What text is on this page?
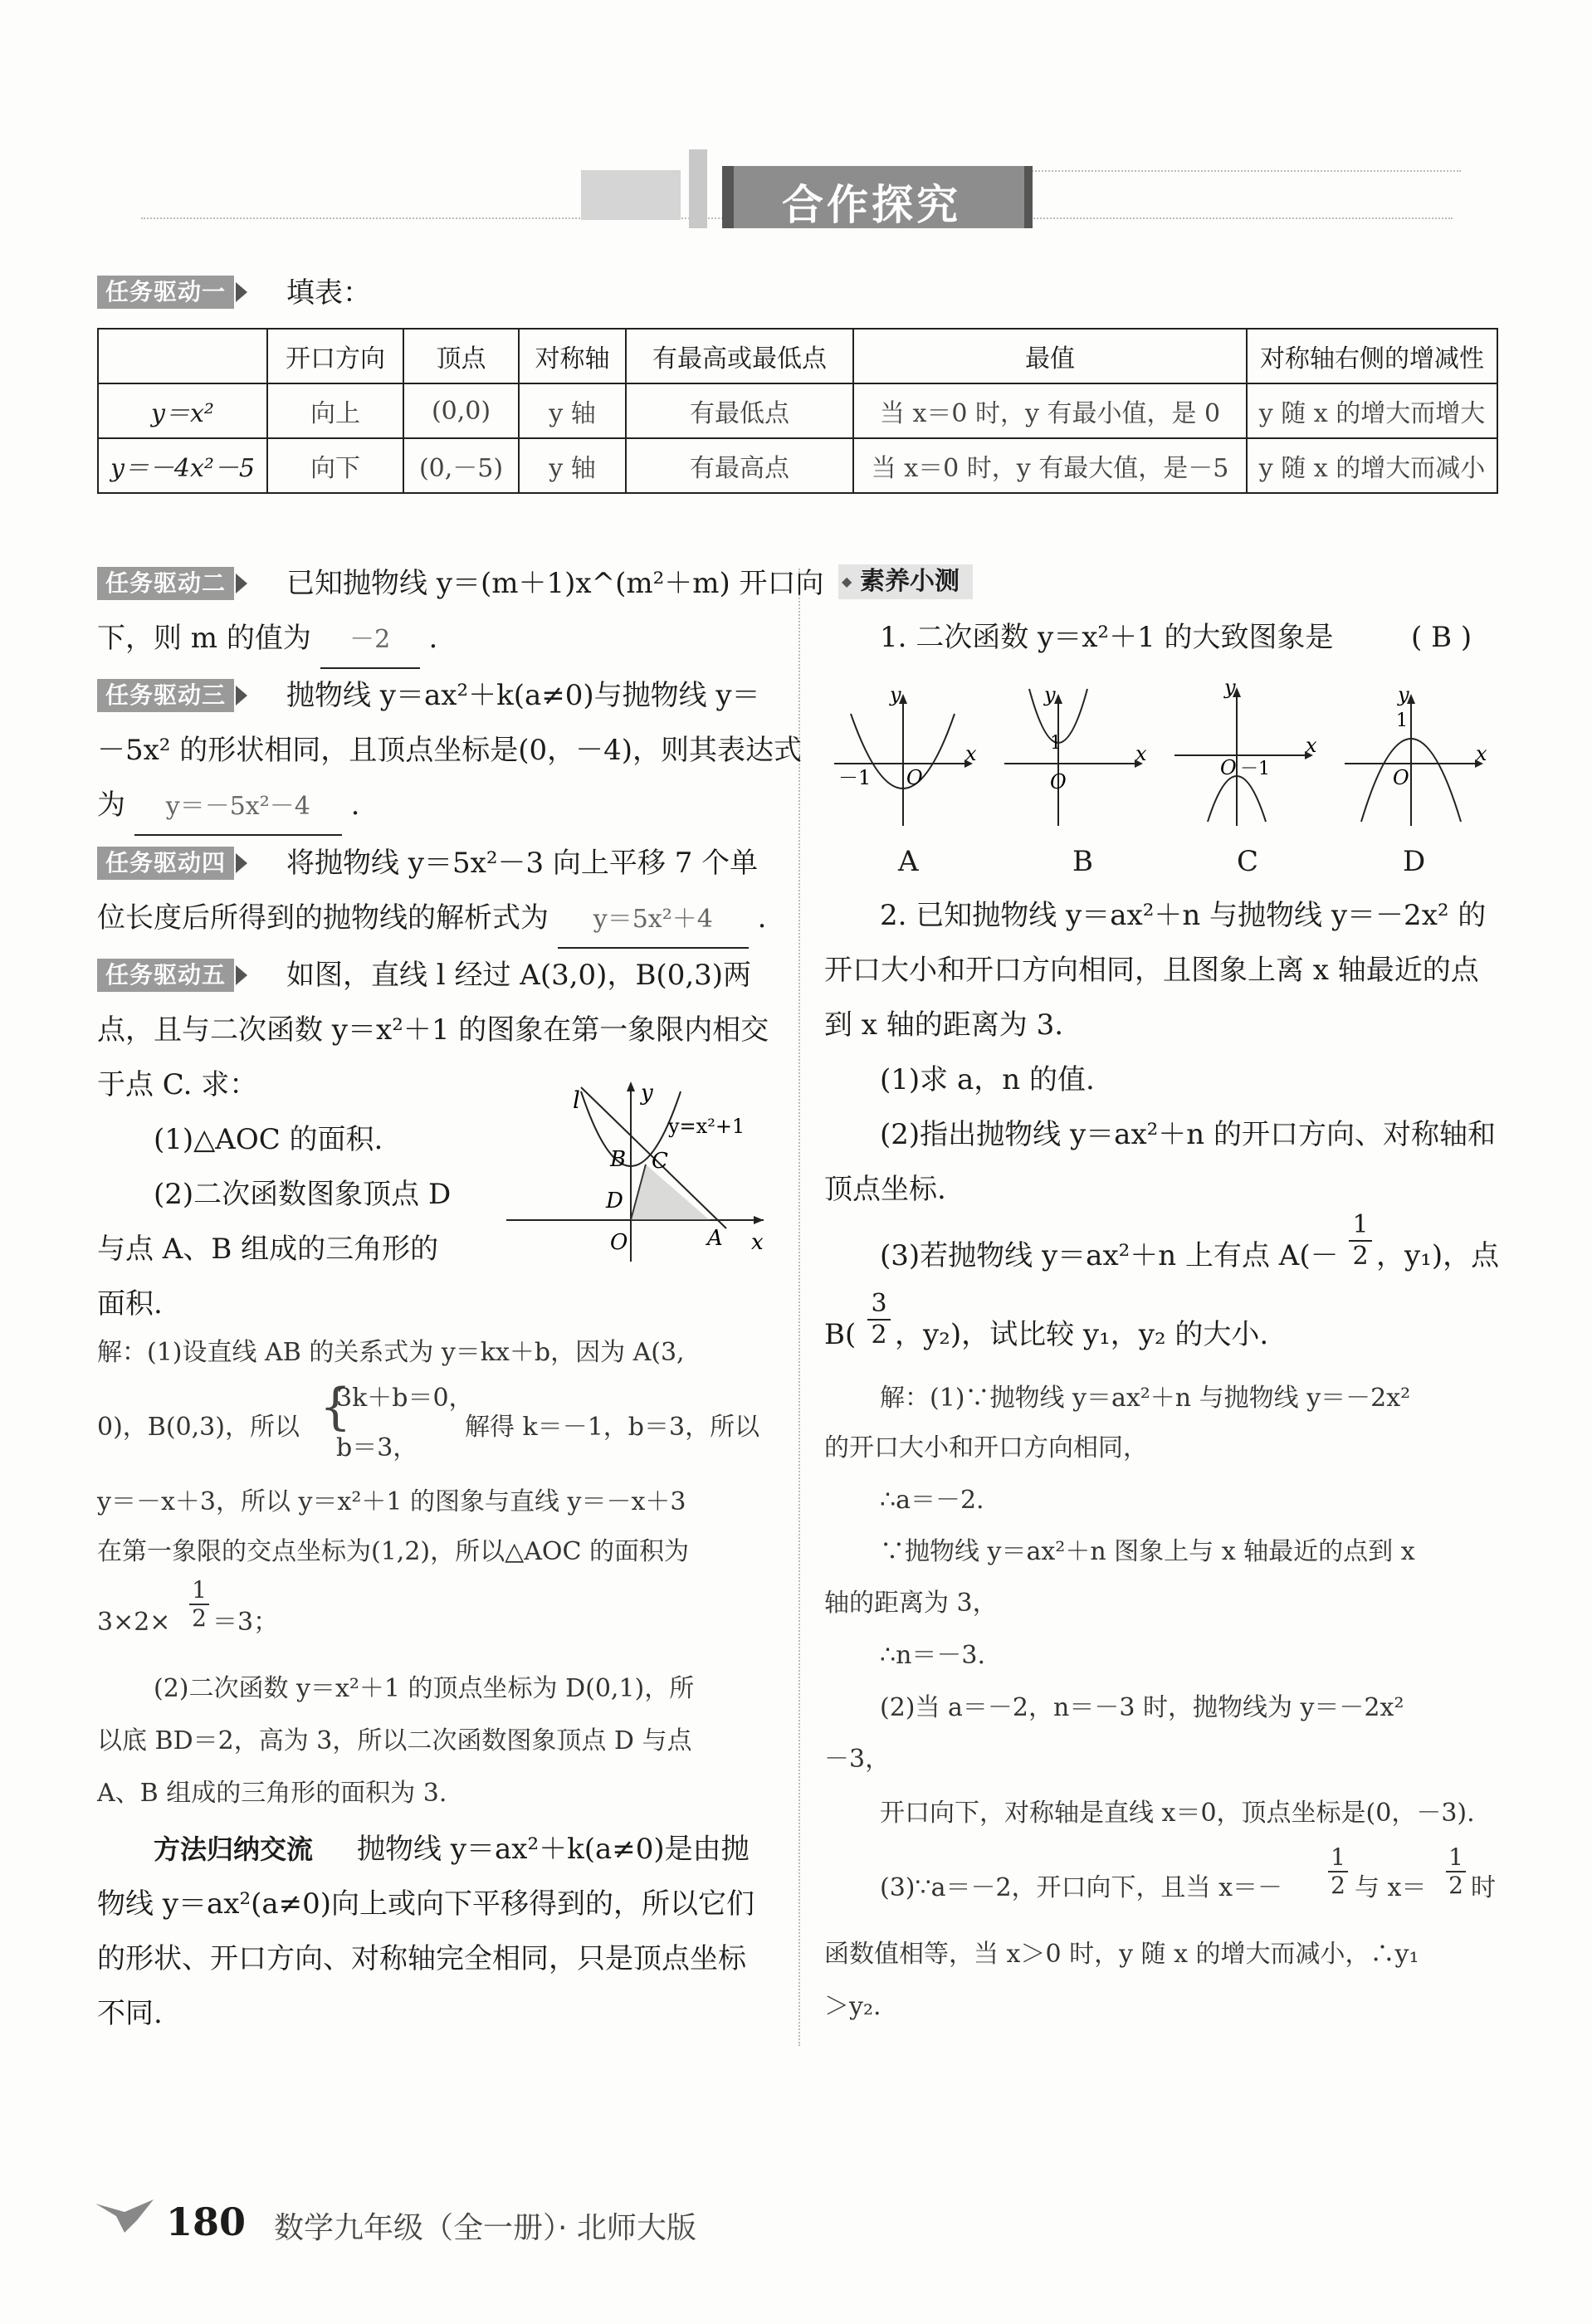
合作探究
任务驱动一 填表：
	开口方向	顶点	对称轴	有最高或最低点	最值	对称轴右侧的增减性
y＝x²	向上	(0,0)	y 轴	有最低点	当 x＝0 时，y 有最小值，是 0	y 随 x 的增大而增大
y＝－4x²－5	向下	(0,－5)	y 轴	有最高点	当 x＝0 时，y 有最大值，是－5	y 随 x 的增大而减小
任务驱动二 已知抛物线 y＝(m＋1)x^(m²＋m) 开口向
下，则 m 的值为 －2 .
任务驱动三 抛物线 y＝ax²＋k(a≠0)与抛物线 y＝
－5x² 的形状相同，且顶点坐标是(0，－4)，则其表达式
为 y＝－5x²－4 .
任务驱动四 将抛物线 y＝5x²－3 向上平移 7 个单
位长度后所得到的抛物线的解析式为 y＝5x²＋4 .
任务驱动五 如图，直线 l 经过 A(3,0)，B(0,3)两
点，且与二次函数 y＝x²＋1 的图象在第一象限内相交
于点 C. 求：
(1)△AOC 的面积.
(2)二次函数图象顶点 D
与点 A、B 组成的三角形的
面积.
l	y
y=x²+1
B C
D
O	A x
解：(1)设直线 AB 的关系式为 y＝kx＋b，因为 A(3,
0)，B(0,3)，所以 {
3k＋b＝0，
b＝3，
解得 k＝－1，b＝3，所以
y＝－x＋3，所以 y＝x²＋1 的图象与直线 y＝－x＋3
在第一象限的交点坐标为(1,2)，所以△AOC 的面积为
$3\times 2\times \frac{1}{2} =3$；
(2)二次函数 y＝x²＋1 的顶点坐标为 D(0,1)，所
以底 BD＝2，高为 3，所以二次函数图象顶点 D 与点
A、B 组成的三角形的面积为 3.
方法归纳交流 抛物线 y＝ax²＋k(a≠0)是由抛
物线 y＝ax²(a≠0)向上或向下平移得到的，所以它们
的形状、开口方向、对称轴完全相同，只是顶点坐标
不同.
◆ 素养小测
1. 二次函数 y＝x²＋1 的大致图象是	( B )
y
x
－1 O
y
x
1
O
y
x
O －1
y
x
1
O
A	B	C	D
2. 已知抛物线 y＝ax²＋n 与抛物线 y＝－2x² 的
开口大小和开口方向相同，且图象上离 x 轴最近的点
到 x 轴的距离为 3.
(1)求 a，n 的值.
(2)指出抛物线 y＝ax²＋n 的开口方向、对称轴和
顶点坐标.
(3)若抛物线 y＝ax²＋n 上有点 $A(- \frac{1}{2}$ ，y₁)，点
$B( \frac{3}{2}$ ，y₂)，试比较 y₁，y₂ 的大小.
解：(1)∵抛物线 y＝ax²＋n 与抛物线 y＝－2x²
的开口大小和开口方向相同，
∴a＝－2.
∵抛物线 y＝ax²＋n 图象上与 x 轴最近的点到 x
轴的距离为 3，
∴n＝－3.
(2)当 a＝－2，n＝－3 时，抛物线为 y＝－2x²
－3，
开口向下，对称轴是直线 x＝0，顶点坐标是(0，－3).
(3)∵a＝－2，开口向下，且当 $x=- \frac{1}{2}$ 与 $x= \frac{1}{2}$ 时
函数值相等，当 x＞0 时，y 随 x 的增大而减小，∴y₁
＞y₂.
180 数学九年级（全一册）· 北师大版
